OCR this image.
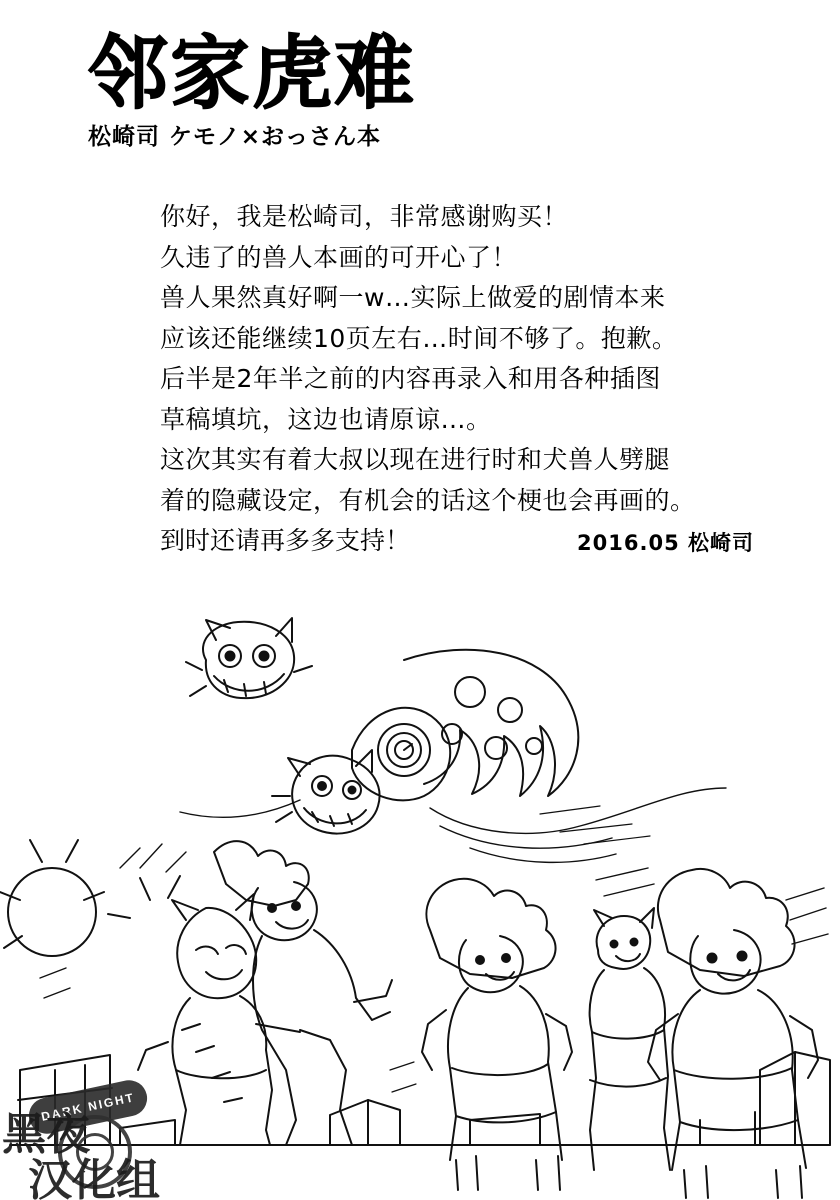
邻家虎难
松崎司 ケモノ×おっさん本

你好，我是松崎司，非常感谢购买！

久违了的兽人本画的可开心了！

兽人果然真好啊一w…实际上做爱的剧情本来

应该还能继续10页左右…时间不够了。抱歉。

后半是2年半之前的内容再录入和用各种插图

草稿填坑，这边也请原谅…。

这次其实有着大叔以现在进行时和犬兽人劈腿

着的隐藏设定，有机会的话这个梗也会再画的。

到时还请再多多支持！	2016.05 松崎司
DARK NIGHT
黑夜
汉化组
